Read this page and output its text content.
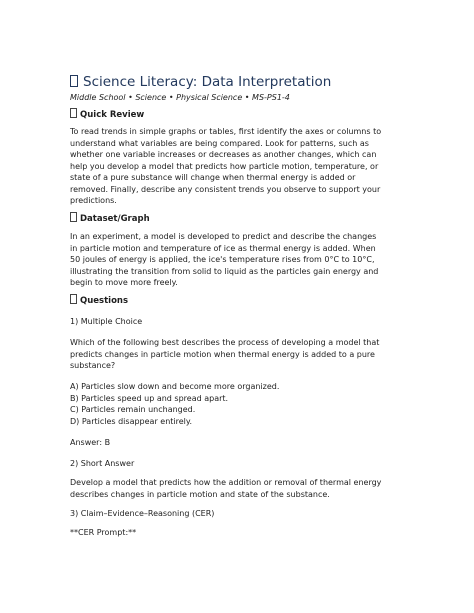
Science Literacy: Data Interpretation
Middle School • Science • Physical Science • MS-PS1-4
Quick Review
To read trends in simple graphs or tables, first identify the axes or columns to
understand what variables are being compared. Look for patterns, such as
whether one variable increases or decreases as another changes, which can
help you develop a model that predicts how particle motion, temperature, or
state of a pure substance will change when thermal energy is added or
removed. Finally, describe any consistent trends you observe to support your
predictions.
Dataset/Graph
In an experiment, a model is developed to predict and describe the changes
in particle motion and temperature of ice as thermal energy is added. When
50 joules of energy is applied, the ice's temperature rises from 0°C to 10°C,
illustrating the transition from solid to liquid as the particles gain energy and
begin to move more freely.
Questions
1) Multiple Choice
Which of the following best describes the process of developing a model that
predicts changes in particle motion when thermal energy is added to a pure
substance?
A) Particles slow down and become more organized.
B) Particles speed up and spread apart.
C) Particles remain unchanged.
D) Particles disappear entirely.
Answer: B
2) Short Answer
Develop a model that predicts how the addition or removal of thermal energy
describes changes in particle motion and state of the substance.
3) Claim–Evidence–Reasoning (CER)
**CER Prompt:**
